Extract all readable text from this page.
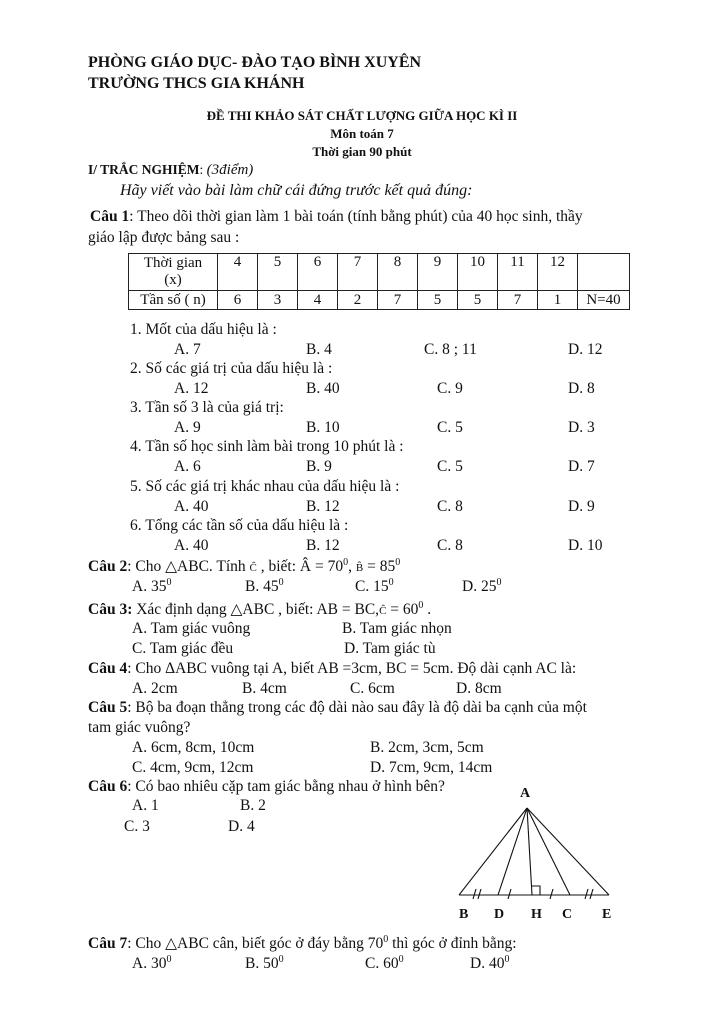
PHÒNG GIÁO DỤC- ĐÀO TẠO BÌNH XUYÊN
TRƯỜNG THCS GIA KHÁNH
ĐỀ THI KHẢO SÁT CHẤT LƯỢNG GIỮA HỌC KÌ II
Môn toán 7
Thời gian 90 phút
I/ TRẮC NGHIỆM: (3điểm)
Hãy viết vào bài làm chữ cái đứng trước kết quả đúng:
Câu 1: Theo dõi thời gian làm 1 bài toán (tính bằng phút) của 40 học sinh, thầy
giáo lập được bảng sau :
Thời gian
(x)	4	5	6	7	8	9	10	11	12	
Tần số ( n)	6	3	4	2	7	5	5	7	1	N=40
1. Mốt của dấu hiệu là :
A. 7	B. 4	C. 8 ; 11	D. 12
2. Số các giá trị của dấu hiệu là :
A. 12	B. 40	C. 9	D. 8
3. Tần số 3 là của giá trị:
A. 9	B. 10	C. 5	D. 3
4. Tần số học sinh làm bài trong 10 phút là :
A. 6	B. 9	C. 5	D. 7
5. Số các giá trị khác nhau của dấu hiệu là :
A. 40	B. 12	C. 8	D. 9
6. Tổng các tần số của dấu hiệu là :
A. 40	B. 12	C. 8	D. 10
Câu 2: Cho △ABC. Tính Ĉ , biết: Â = $70^0$, B̂ = $85^0$
A. $35^0$	B. $45^0$	C. $15^0$	D. $25^0$
Câu 3: Xác định dạng △ABC , biết: AB = BC,Ĉ = $60^0$ .
A. Tam giác vuông	B. Tam giác nhọn
C. Tam giác đều	D. Tam giác tù
Câu 4: Cho ΔABC vuông tại A, biết AB =3cm, BC = 5cm. Độ dài cạnh AC là:
A. 2cm	B. 4cm	C. 6cm	D. 8cm
Câu 5: Bộ ba đoạn thẳng trong các độ dài nào sau đây là độ dài ba cạnh của một
tam giác vuông?
A. 6cm, 8cm, 10cm	B. 2cm, 3cm, 5cm
C. 4cm, 9cm, 12cm	D. 7cm, 9cm, 14cm
Câu 6: Có bao nhiêu cặp tam giác bằng nhau ở hình bên?
A. 1	B. 2
C. 3	D. 4
A
B D H C E
Câu 7: Cho △ABC cân, biết góc ở đáy bằng $70^0$ thì góc ở đỉnh bằng:
A. $30^0$	B. $50^0$	C. $60^0$	D. $40^0$
